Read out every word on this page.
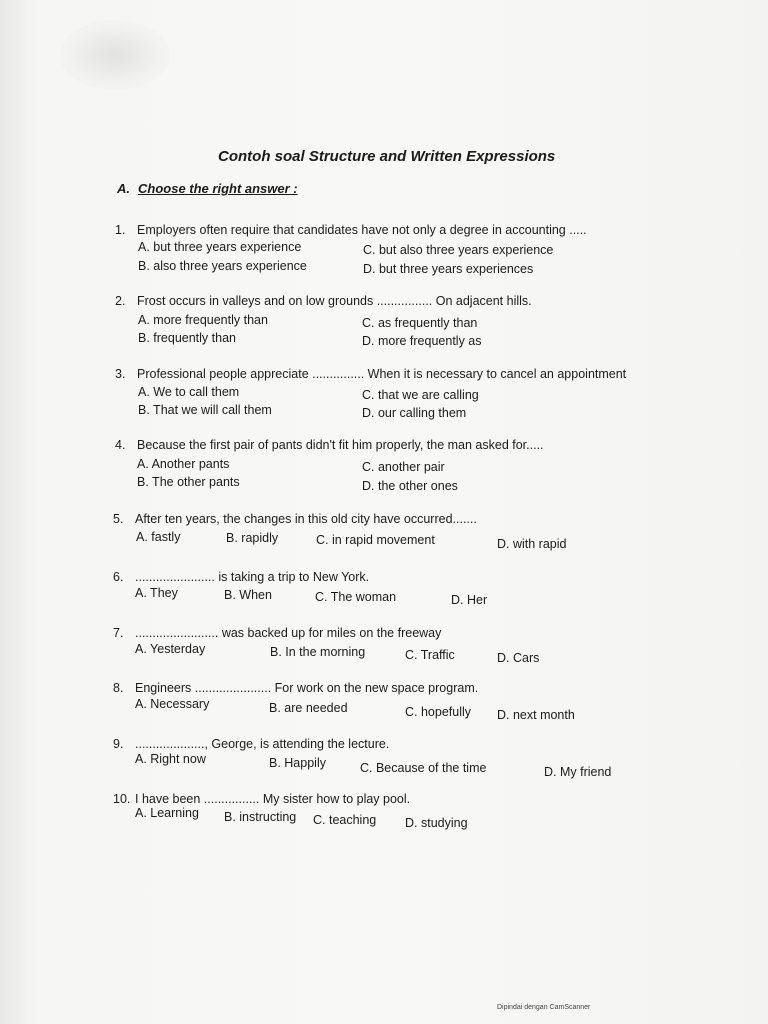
Contoh soal Structure and Written Expressions
A. Choose the right answer :
1. Employers often require that candidates have not only a degree in accounting .....
A. but three years experience
B. also three years experience
C. but also three years experience
D. but three years experiences
2. Frost occurs in valleys and on low grounds ................ On adjacent hills.
A. more frequently than
B. frequently than
C. as frequently than
D. more frequently as
3. Professional people appreciate ............... When it is necessary to cancel an appointment
A. We to call them
B. That we will call them
C. that we are calling
D. our calling them
4. Because the first pair of pants didn't fit him properly, the man asked for.....
A. Another pants
B. The other pants
C. another pair
D. the other ones
5. After ten years, the changes in this old city have occurred.......
A. fastly	B. rapidly	C. in rapid movement	D. with rapid
6. ....................... is taking a trip to New York.
A. They	B. When	C. The woman	D. Her
7. ........................ was backed up for miles on the freeway
A. Yesterday	B. In the morning	C. Traffic	D. Cars
8. Engineers ...................... For work on the new space program.
A. Necessary	B. are needed	C. hopefully D. next month
9. ...................., George, is attending the lecture.
A. Right now	B. Happily	C. Because of the time	D. My friend
10. I have been ................ My sister how to play pool.
A. Learning B. instructing C. teaching D. studying
Dipindai dengan CamScanner
